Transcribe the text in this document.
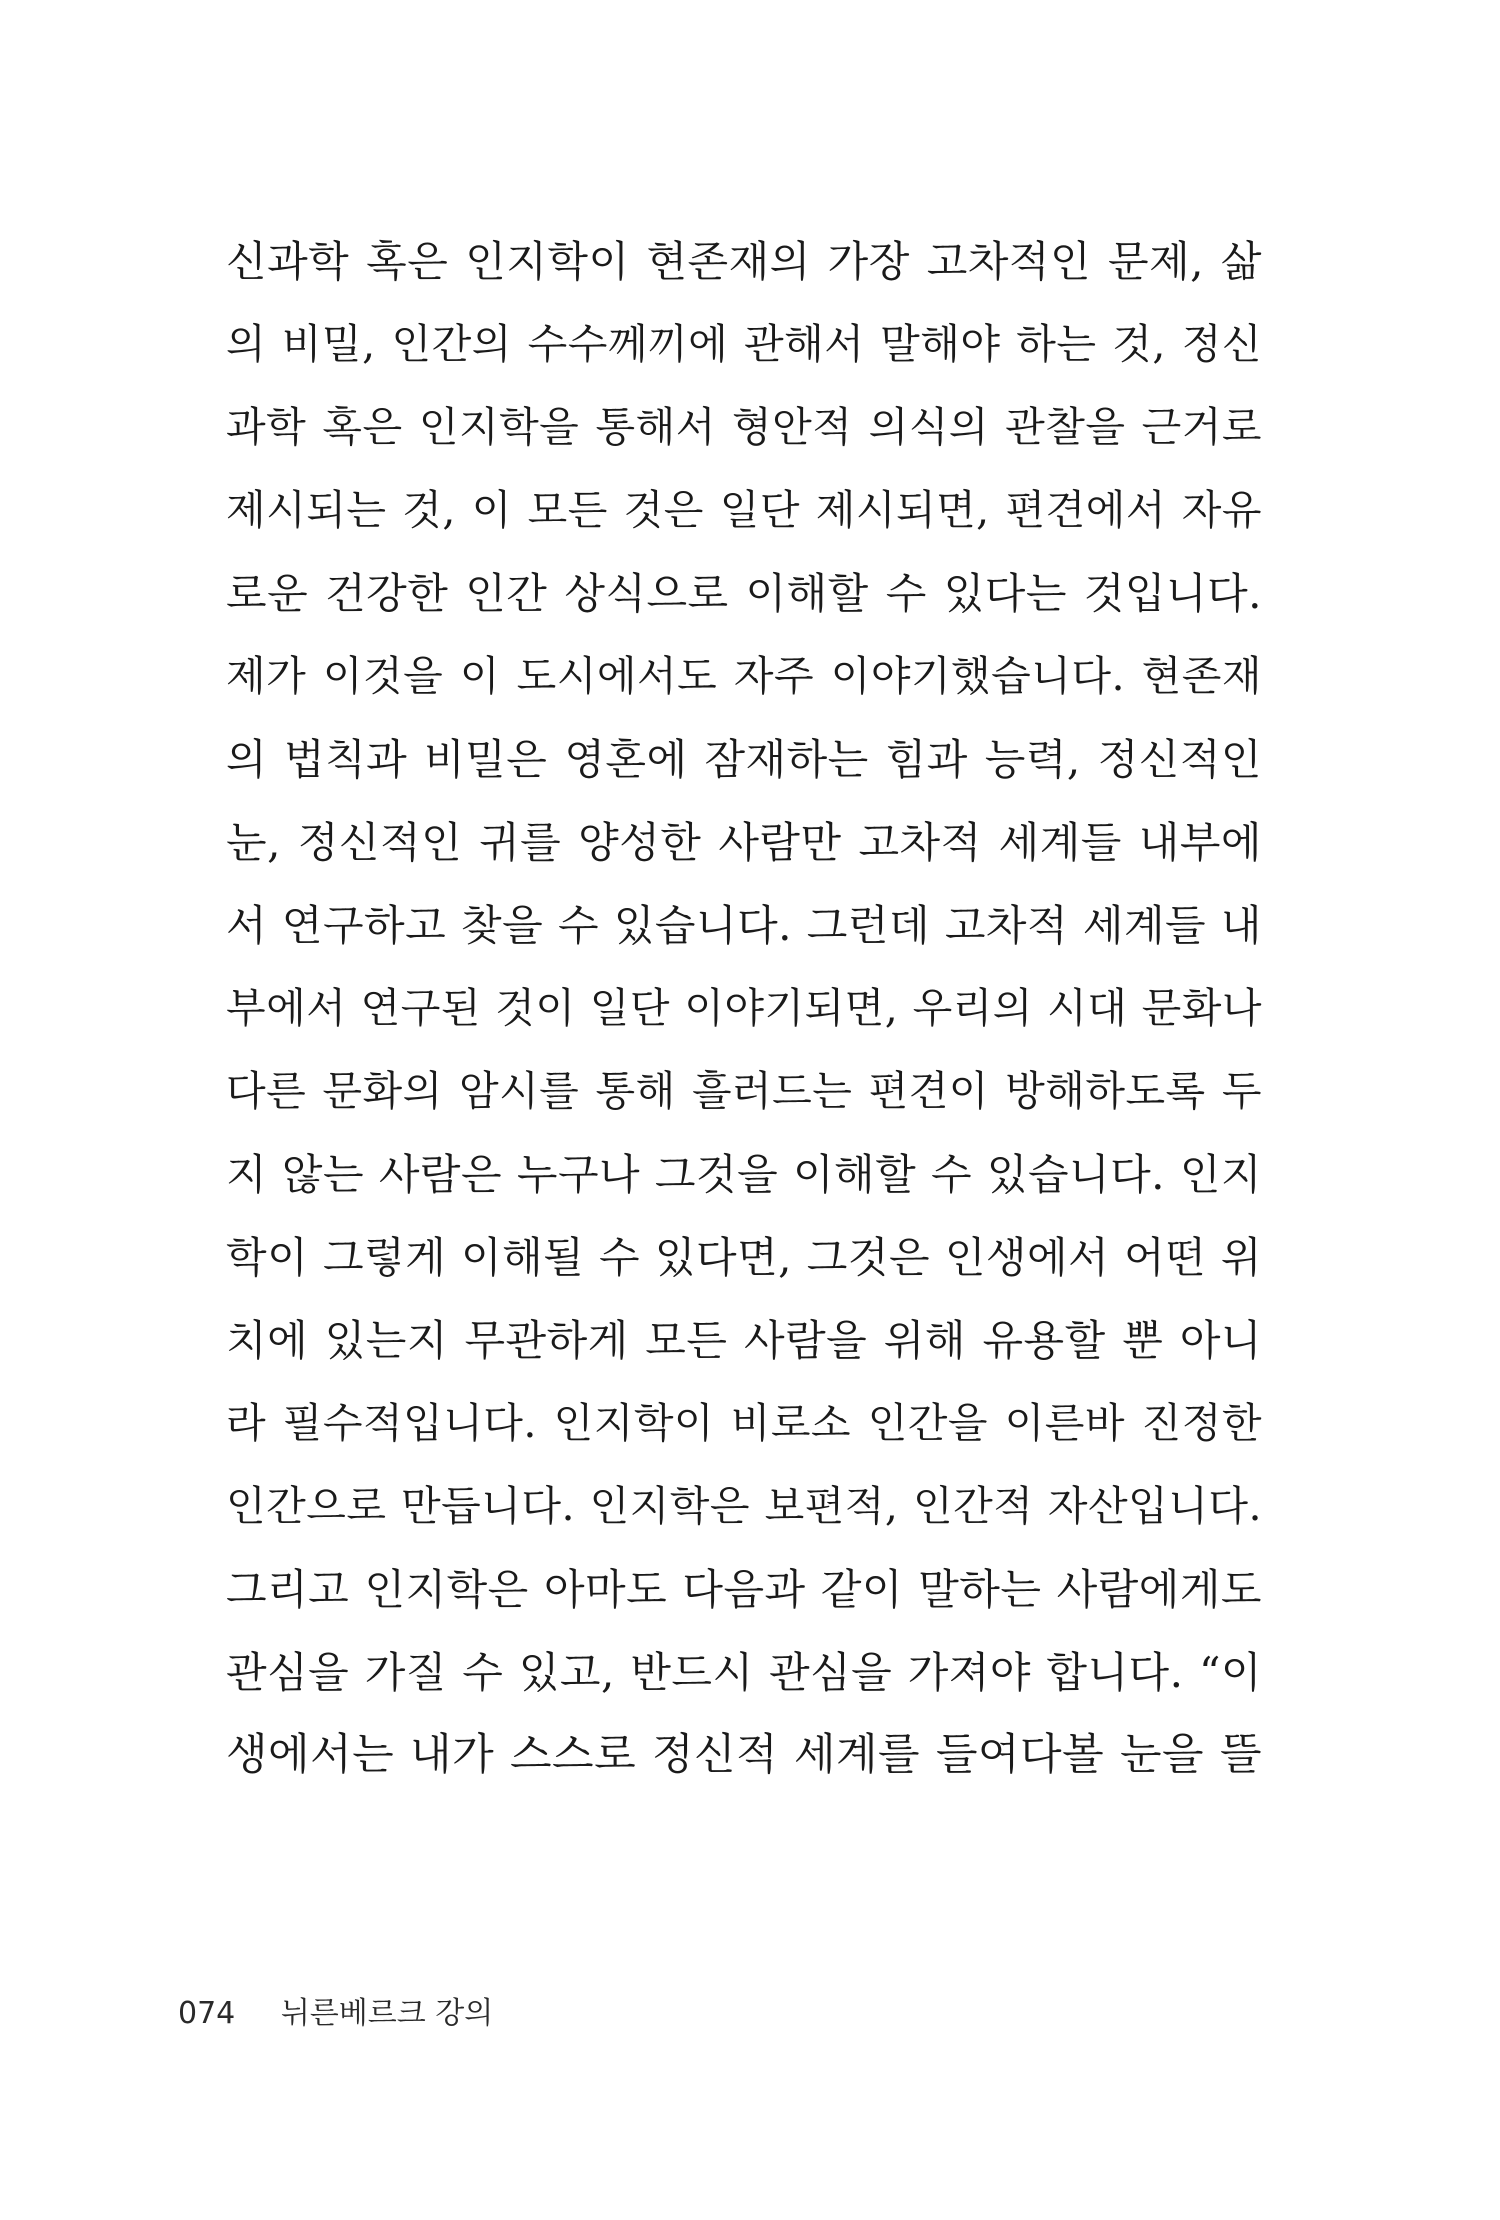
신과학 혹은 인지학이 현존재의 가장 고차적인 문제, 삶
의 비밀, 인간의 수수께끼에 관해서 말해야 하는 것, 정신
과학 혹은 인지학을 통해서 형안적 의식의 관찰을 근거로
제시되는 것, 이 모든 것은 일단 제시되면, 편견에서 자유
로운 건강한 인간 상식으로 이해할 수 있다는 것입니다.
제가 이것을 이 도시에서도 자주 이야기했습니다. 현존재
의 법칙과 비밀은 영혼에 잠재하는 힘과 능력, 정신적인
눈, 정신적인 귀를 양성한 사람만 고차적 세계들 내부에
서 연구하고 찾을 수 있습니다. 그런데 고차적 세계들 내
부에서 연구된 것이 일단 이야기되면, 우리의 시대 문화나
다른 문화의 암시를 통해 흘러드는 편견이 방해하도록 두
지 않는 사람은 누구나 그것을 이해할 수 있습니다. 인지
학이 그렇게 이해될 수 있다면, 그것은 인생에서 어떤 위
치에 있는지 무관하게 모든 사람을 위해 유용할 뿐 아니
라 필수적입니다. 인지학이 비로소 인간을 이른바 진정한
인간으로 만듭니다. 인지학은 보편적, 인간적 자산입니다.
그리고 인지학은 아마도 다음과 같이 말하는 사람에게도
관심을 가질 수 있고, 반드시 관심을 가져야 합니다. “이
생에서는 내가 스스로 정신적 세계를 들여다볼 눈을 뜰
074 뉘른베르크 강의
